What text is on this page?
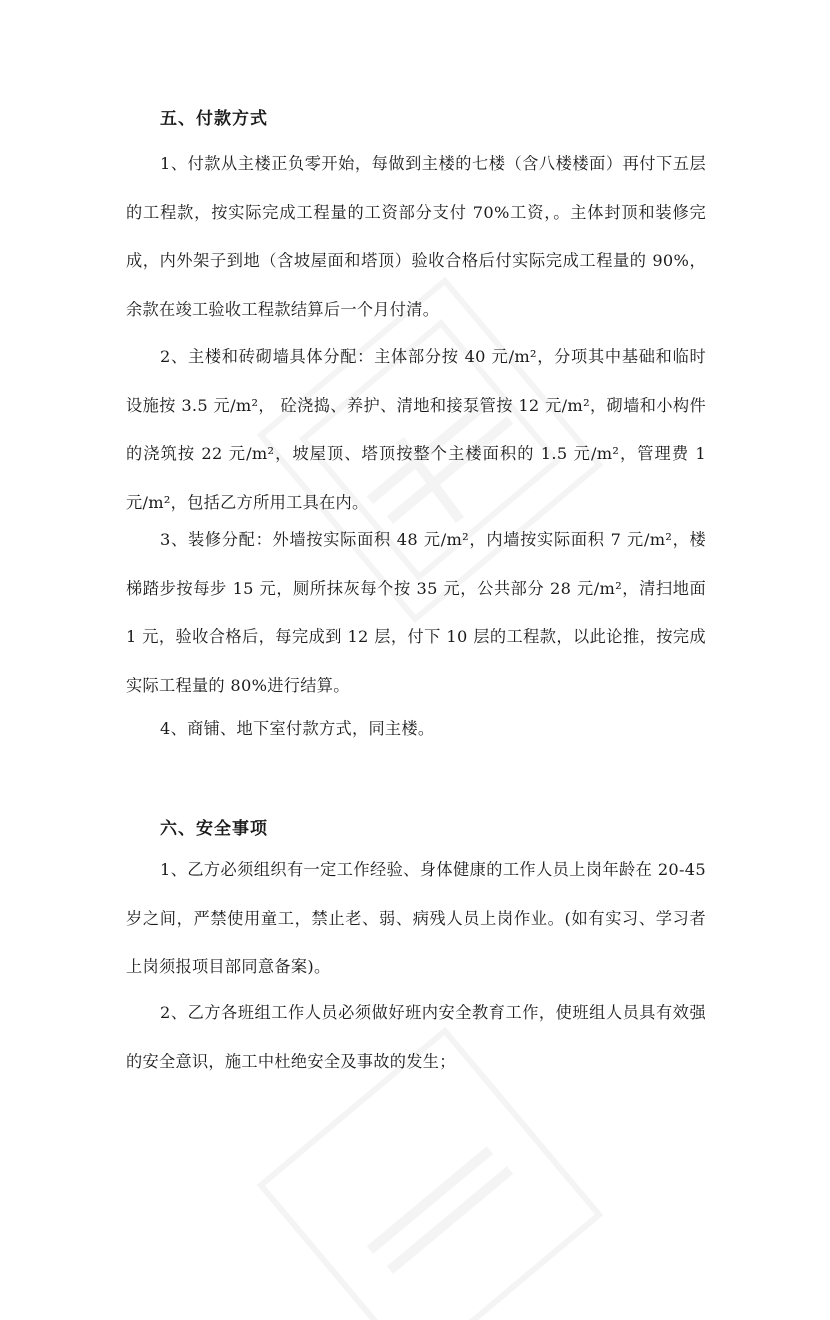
五、付款方式

1、付款从主楼正负零开始，每做到主楼的七楼（含八楼楼面）再付下五层的工程款，按实际完成工程量的工资部分支付 70%工资，。主体封顶和装修完成，内外架子到地（含坡屋面和塔顶）验收合格后付实际完成工程量的 90%，余款在竣工验收工程款结算后一个月付清。

2、主楼和砖砌墙具体分配：主体部分按 40 元/m²，分项其中基础和临时设施按 3.5 元/m²， 砼浇捣、养护、清地和接泵管按 12 元/m²，砌墙和小构件的浇筑按 22 元/m²，坡屋顶、塔顶按整个主楼面积的 1.5 元/m²，管理费 1 元/m²，包括乙方所用工具在内。

3、装修分配：外墙按实际面积 48 元/m²，内墙按实际面积 7 元/m²，楼梯踏步按每步 15 元，厕所抹灰每个按 35 元，公共部分 28 元/m²，清扫地面 1 元，验收合格后，每完成到 12 层，付下 10 层的工程款，以此论推，按完成实际工程量的 80%进行结算。

4、商铺、地下室付款方式，同主楼。

六、安全事项

1、乙方必须组织有一定工作经验、身体健康的工作人员上岗年龄在 20-45 岁之间，严禁使用童工，禁止老、弱、病残人员上岗作业。(如有实习、学习者上岗须报项目部同意备案)。

2、乙方各班组工作人员必须做好班内安全教育工作，使班组人员具有效强的安全意识，施工中杜绝安全及事故的发生；
